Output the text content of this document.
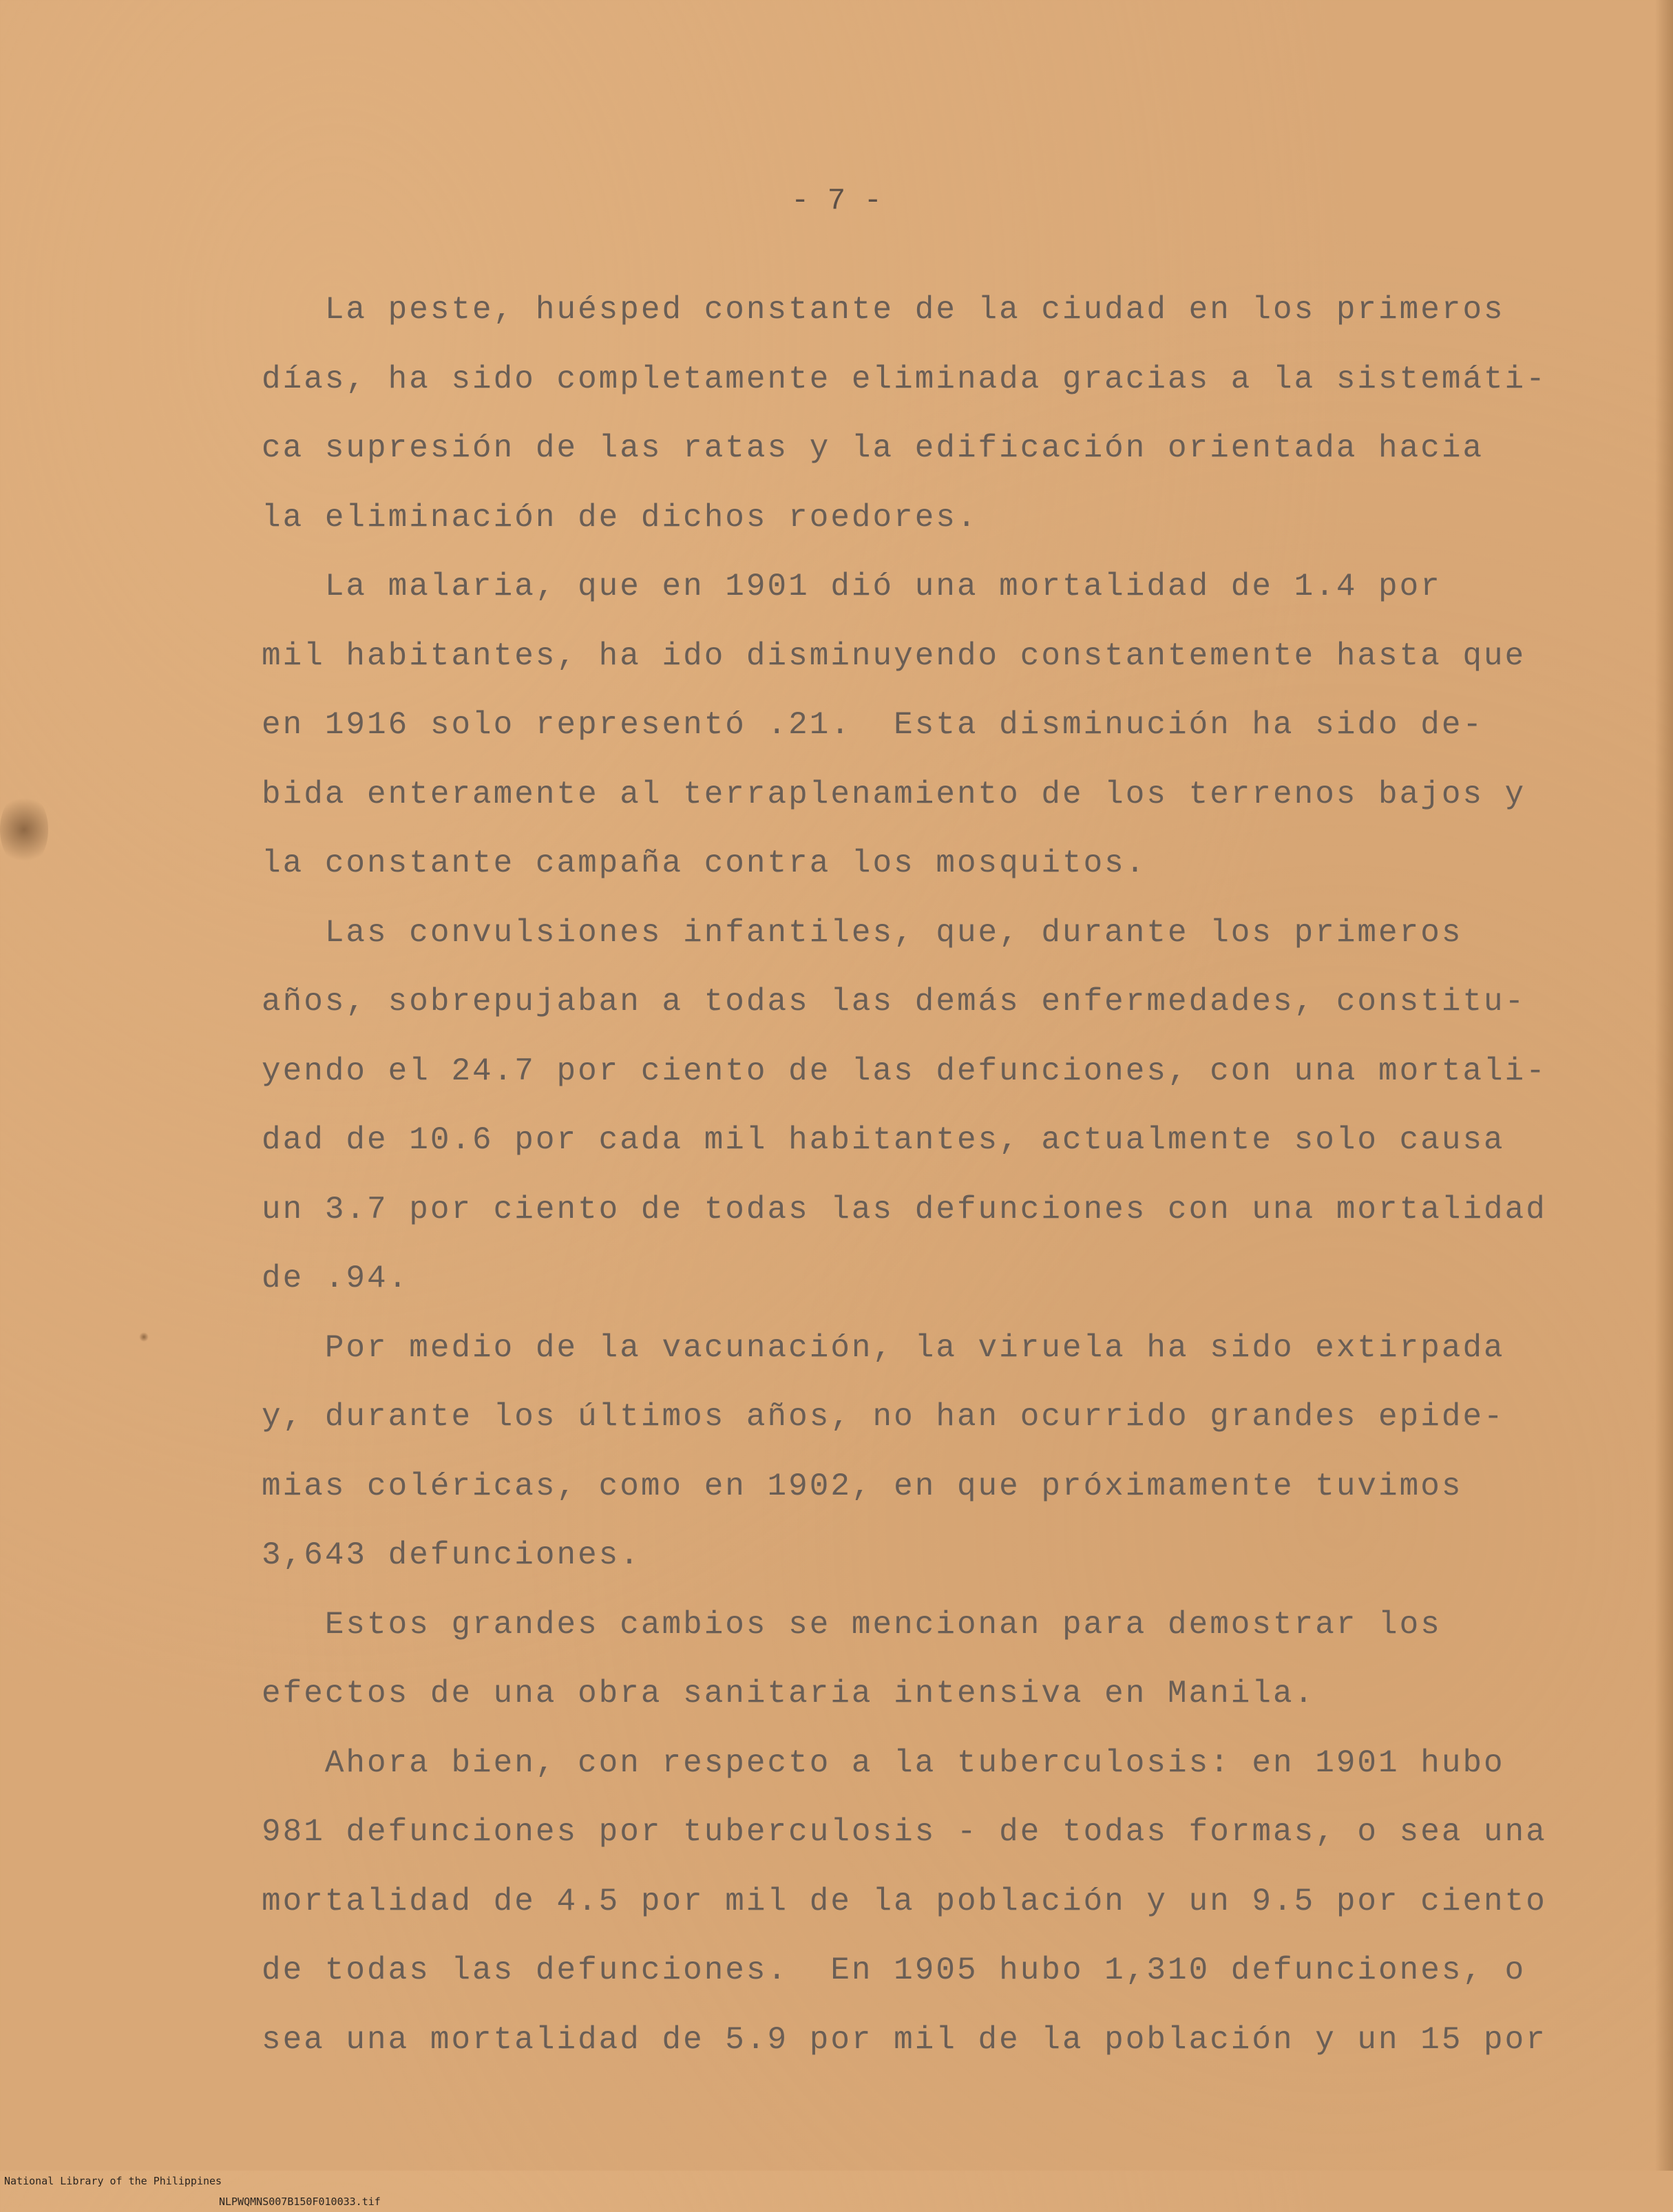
- 7 -
La peste, huésped constante de la ciudad en los primeros
días, ha sido completamente eliminada gracias a la sistemáti-
ca supresión de las ratas y la edificación orientada hacia
la eliminación de dichos roedores.
La malaria, que en 1901 dió una mortalidad de 1.4 por
mil habitantes, ha ido disminuyendo constantemente hasta que
en 1916 solo representó .21.  Esta disminución ha sido de-
bida enteramente al terraplenamiento de los terrenos bajos y
la constante campaña contra los mosquitos.
Las convulsiones infantiles, que, durante los primeros
años, sobrepujaban a todas las demás enfermedades, constitu-
yendo el 24.7 por ciento de las defunciones, con una mortali-
dad de 10.6 por cada mil habitantes, actualmente solo causa
un 3.7 por ciento de todas las defunciones con una mortalidad
de .94.
Por medio de la vacunación, la viruela ha sido extirpada
y, durante los últimos años, no han ocurrido grandes epide-
mias coléricas, como en 1902, en que próximamente tuvimos
3,643 defunciones.
Estos grandes cambios se mencionan para demostrar los
efectos de una obra sanitaria intensiva en Manila.
Ahora bien, con respecto a la tuberculosis: en 1901 hubo
981 defunciones por tuberculosis - de todas formas, o sea una
mortalidad de 4.5 por mil de la población y un 9.5 por ciento
de todas las defunciones.  En 1905 hubo 1,310 defunciones, o
sea una mortalidad de 5.9 por mil de la población y un 15 por

National Library of the Philippines

NLPWQMNS007B150F010033.tif
